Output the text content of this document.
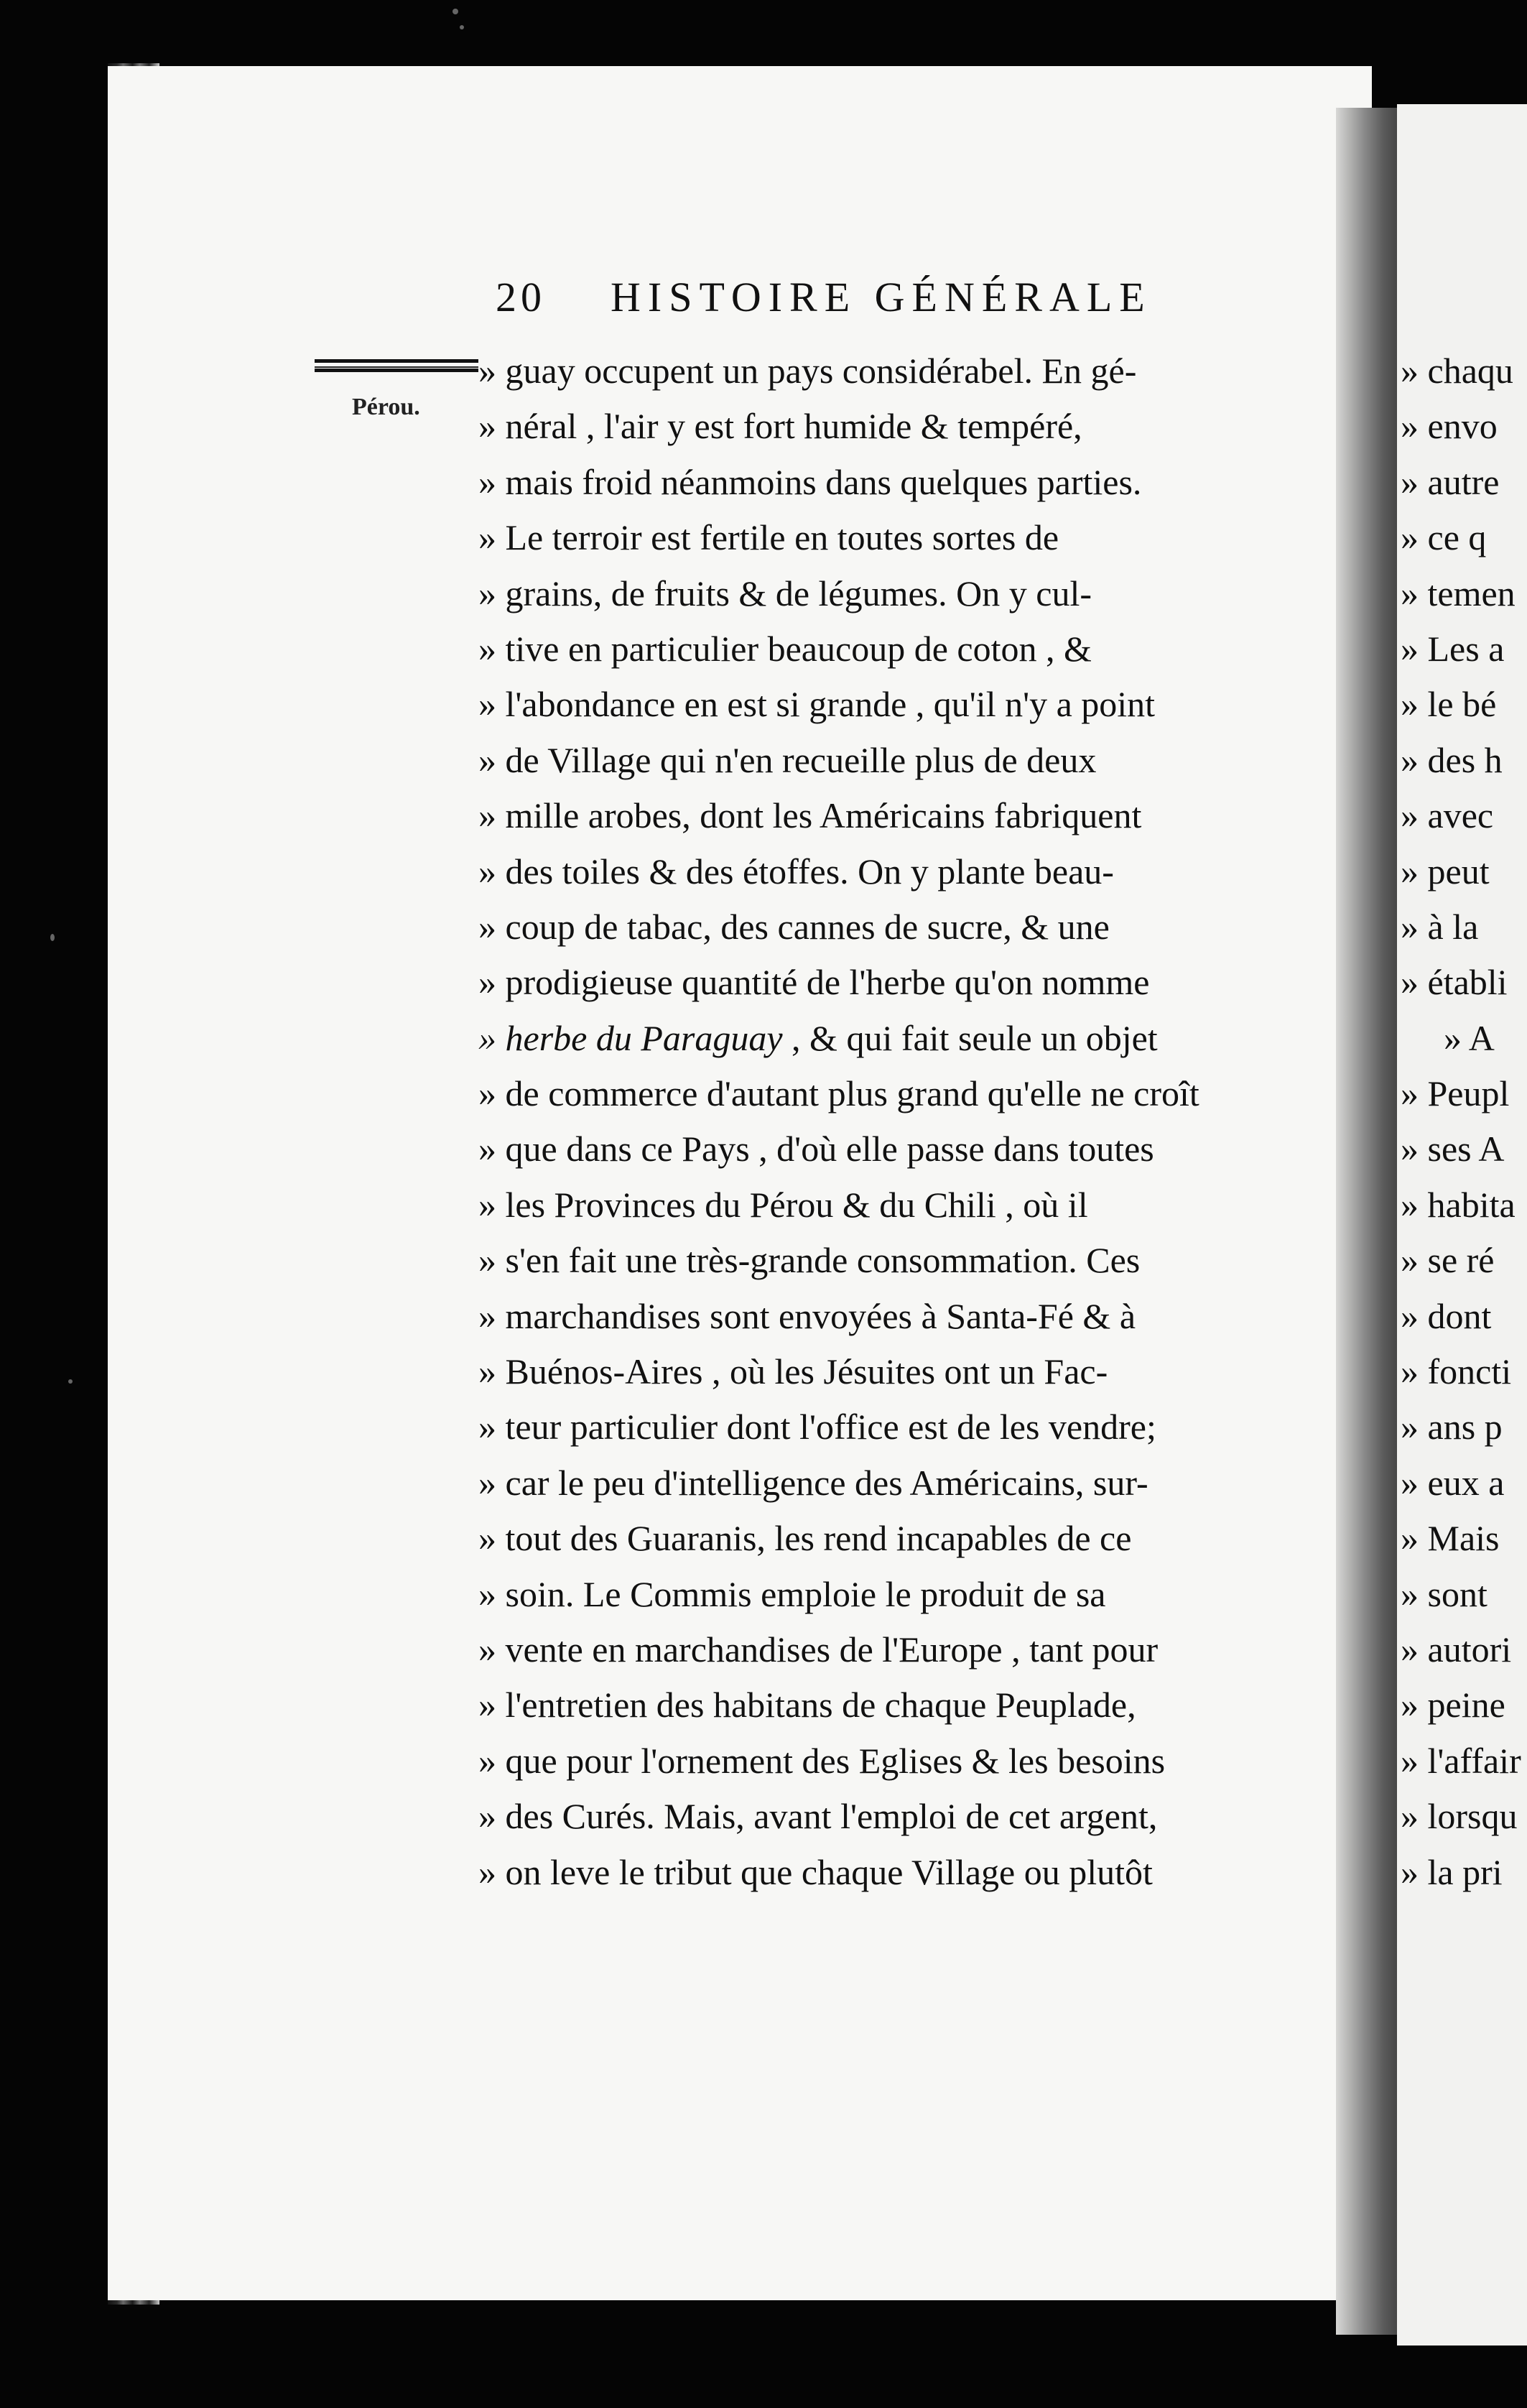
20 HISTOIRE GÉNÉRALE
Pérou.
» guay occupent un pays considérabel. En gé-
» néral , l'air y est fort humide & tempéré,
» mais froid néanmoins dans quelques parties.
» Le terroir est fertile en toutes sortes de
» grains, de fruits & de légumes. On y cul-
» tive en particulier beaucoup de coton , &
» l'abondance en est si grande , qu'il n'y a point
» de Village qui n'en recueille plus de deux
» mille arobes, dont les Américains fabriquent
» des toiles & des étoffes. On y plante beau-
» coup de tabac, des cannes de sucre, & une
» prodigieuse quantité de l'herbe qu'on nomme
» herbe du Paraguay , & qui fait seule un objet
» de commerce d'autant plus grand qu'elle ne croît
» que dans ce Pays , d'où elle passe dans toutes
» les Provinces du Pérou & du Chili , où il
» s'en fait une très-grande consommation. Ces
» marchandises sont envoyées à Santa-Fé & à
» Buénos-Aires , où les Jésuites ont un Fac-
» teur particulier dont l'office est de les vendre;
» car le peu d'intelligence des Américains, sur-
» tout des Guaranis, les rend incapables de ce
» soin. Le Commis emploie le produit de sa
» vente en marchandises de l'Europe , tant pour
» l'entretien des habitans de chaque Peuplade,
» que pour l'ornement des Eglises & les besoins
» des Curés. Mais, avant l'emploi de cet argent,
» on leve le tribut que chaque Village ou plutôt
» chaqu
» envo
» autre
» ce q
» temen
» Les a
» le bé
» des h
» avec
» peut
» à la
» établi
» A
» Peupl
» ses A
» habita
» se ré
» dont
» foncti
» ans p
» eux a
» Mais
» sont
» autori
» peine
» l'affair
» lorsqu
» la pri
